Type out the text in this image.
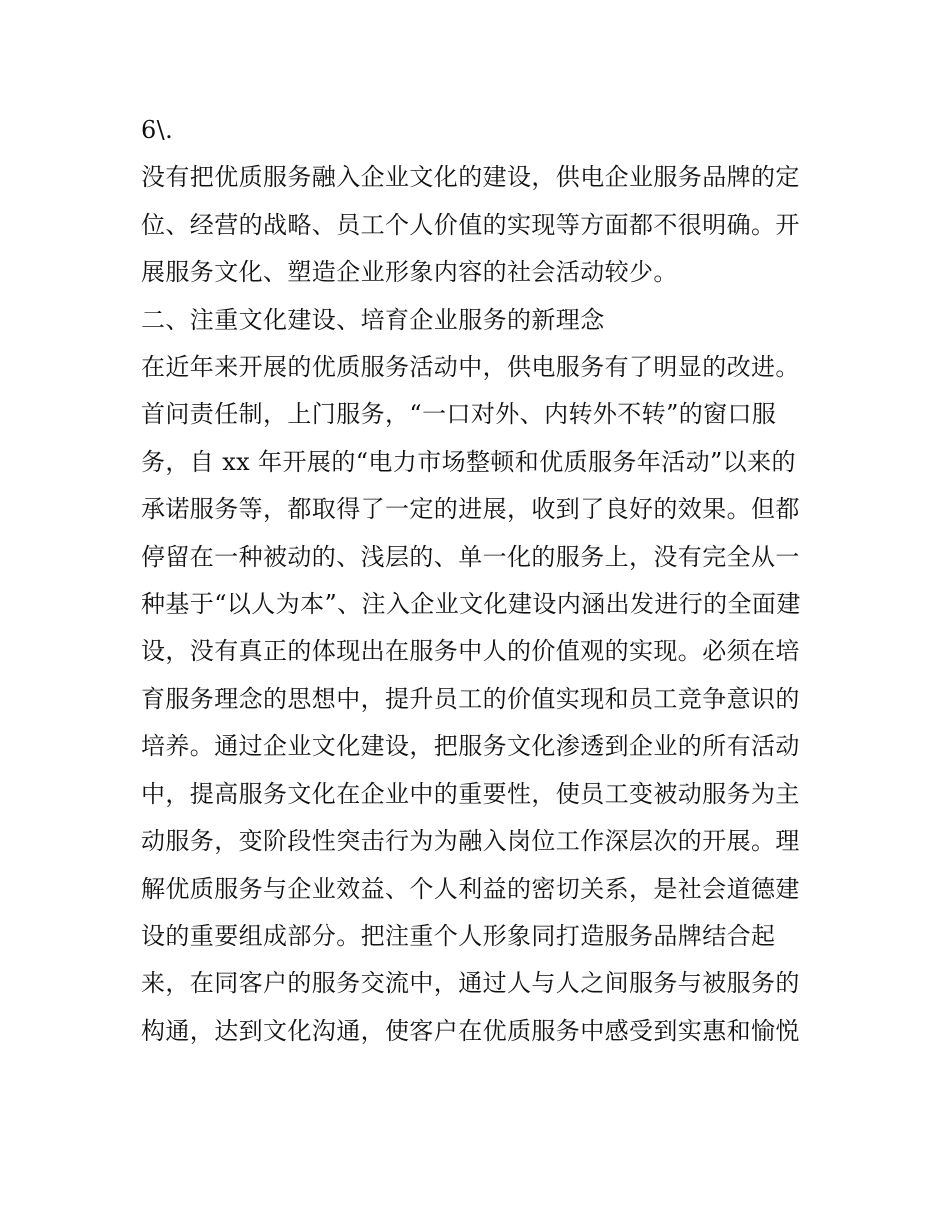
6\.
没有把优质服务融入企业文化的建设，供电企业服务品牌的定
位、经营的战略、员工个人价值的实现等方面都不很明确。开
展服务文化、塑造企业形象内容的社会活动较少。
二、注重文化建设、培育企业服务的新理念
在近年来开展的优质服务活动中，供电服务有了明显的改进。
首问责任制，上门服务，“一口对外、内转外不转”的窗口服
务，自 xx 年开展的“电力市场整顿和优质服务年活动”以来的
承诺服务等，都取得了一定的进展，收到了良好的效果。但都
停留在一种被动的、浅层的、单一化的服务上，没有完全从一
种基于“以人为本”、注入企业文化建设内涵出发进行的全面建
设，没有真正的体现出在服务中人的价值观的实现。必须在培
育服务理念的思想中，提升员工的价值实现和员工竞争意识的
培养。通过企业文化建设，把服务文化渗透到企业的所有活动
中，提高服务文化在企业中的重要性，使员工变被动服务为主
动服务，变阶段性突击行为为融入岗位工作深层次的开展。理
解优质服务与企业效益、个人利益的密切关系，是社会道德建
设的重要组成部分。把注重个人形象同打造服务品牌结合起
来，在同客户的服务交流中，通过人与人之间服务与被服务的
构通，达到文化沟通，使客户在优质服务中感受到实惠和愉悦
